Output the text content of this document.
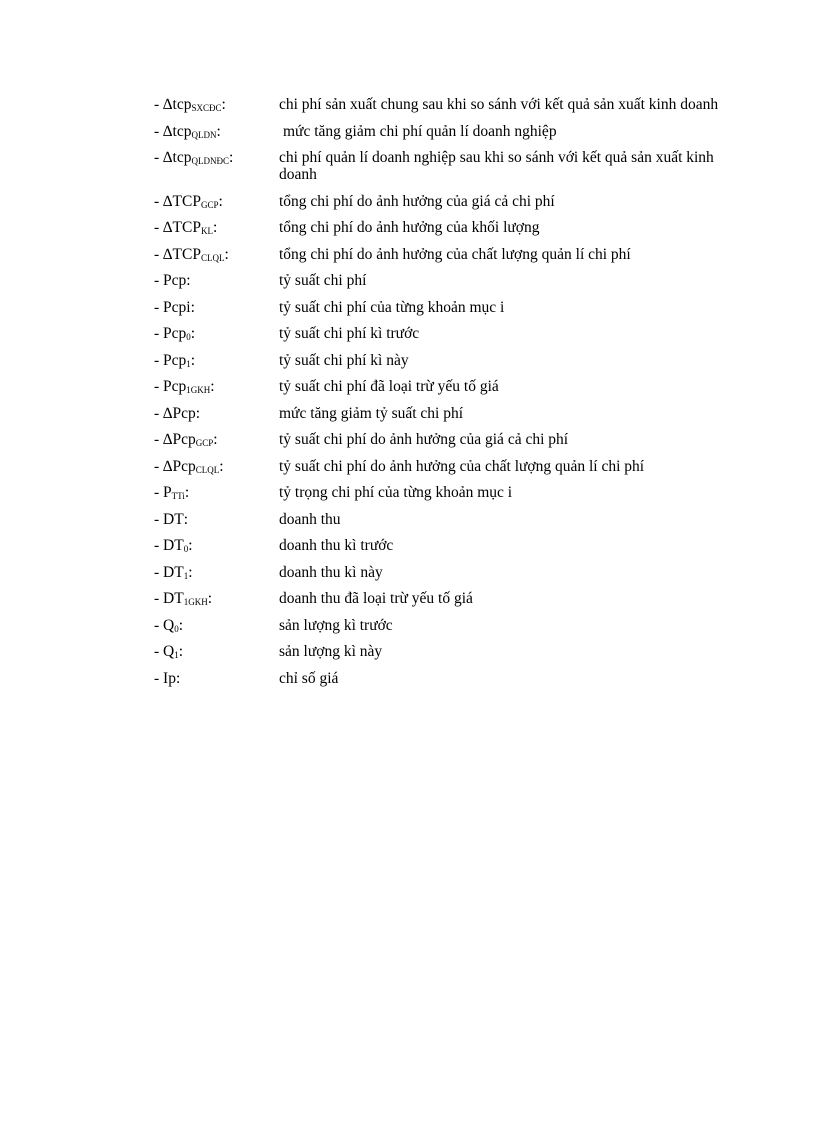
- ∆tcp$_{SXCĐC}$:	chi phí sản xuất chung sau khi so sánh với kết quả sản xuất kinh doanh
- ∆tcp$_{QLDN}$:	mức tăng giảm chi phí quản lí doanh nghiệp
- ∆tcp$_{QLDNĐC}$:	chi phí quản lí doanh nghiệp sau khi so sánh với kết quả sản xuất kinh doanh
- $\Delta TCP_{GCP}$:	tổng chi phí do ảnh hưởng của giá cả chi phí
- $\Delta TCP_{KL}$:	tổng chi phí do ảnh hưởng của khối lượng
- $\Delta TCP_{CLQL}$:	tổng chi phí do ảnh hưởng của chất lượng quản lí chi phí
- Pcp:	tỷ suất chi phí
- Pcpi:	tỷ suất chi phí của từng khoản mục i
- Pcp$_0$:	tỷ suất chi phí kì trước
- Pcp$_1$:	tỷ suất chi phí kì này
- Pcp$_{1GKH}$:	tỷ suất chi phí đã loại trừ yếu tố giá
- ∆Pcp:	mức tăng giảm tỷ suất chi phí
- ∆Pcp$_{GCP}$:	tỷ suất chi phí do ảnh hưởng của giá cả chi phí
- ∆Pcp$_{CLQL}$:	tỷ suất chi phí do ảnh hưởng của chất lượng quản lí chi phí
- $P_{TTi}$:	tỷ trọng chi phí của từng khoản mục i
- DT:	doanh thu
- $DT_0$:	doanh thu kì trước
- $DT_1$:	doanh thu kì này
- $DT_{1GKH}$:	doanh thu đã loại trừ yếu tố giá
- $Q_0$:	sản lượng kì trước
- $Q_1$:	sản lượng kì này
- Ip:	chỉ số giá
